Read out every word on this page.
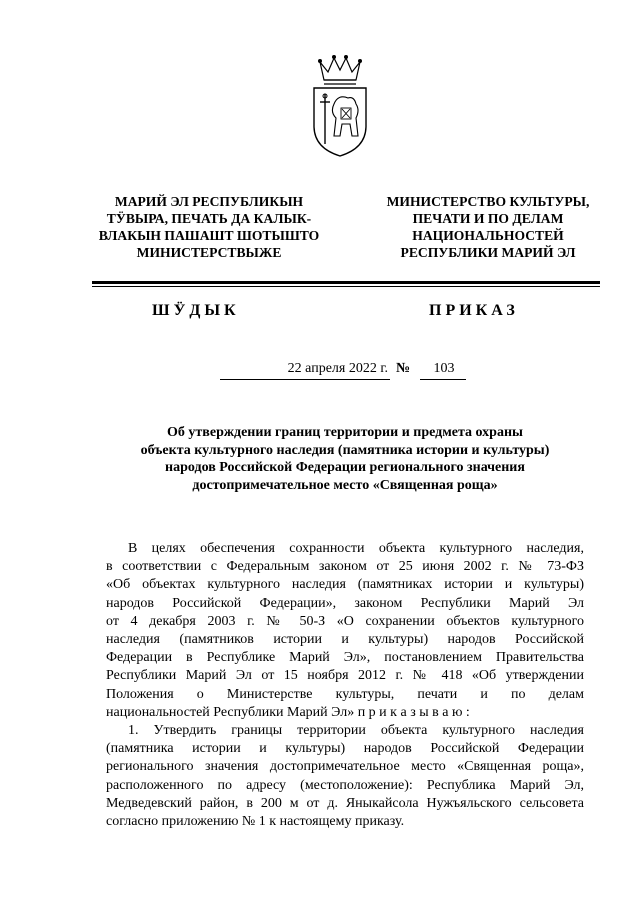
МАРИЙ ЭЛ РЕСПУБЛИКЫН
ТӰВЫРА, ПЕЧАТЬ ДА КАЛЫК-
ВЛАКЫН ПАШАШТ ШОТЫШТО
МИНИСТЕРСТВЫЖЕ
МИНИСТЕРСТВО КУЛЬТУРЫ,
ПЕЧАТИ И ПО ДЕЛАМ
НАЦИОНАЛЬНОСТЕЙ
РЕСПУБЛИКИ МАРИЙ ЭЛ
ШӰДЫК	ПРИКАЗ
22 апреля 2022 г. №	103
Об утверждении границ территории и предмета охраны
объекта культурного наследия (памятника истории и культуры)
народов Российской Федерации регионального значения
достопримечательное место «Священная роща»
В целях обеспечения сохранности объекта культурного наследия,
в соответствии с Федеральным законом от 25 июня 2002 г. № 73-ФЗ
«Об объектах культурного наследия (памятниках истории и культуры)
народов Российской Федерации», законом Республики Марий Эл
от 4 декабря 2003 г. № 50-З «О сохранении объектов культурного
наследия (памятников истории и культуры) народов Российской
Федерации в Республике Марий Эл», постановлением Правительства
Республики Марий Эл от 15 ноября 2012 г. № 418 «Об утверждении
Положения о Министерстве культуры, печати и по делам
национальностей Республики Марий Эл» п р и к а з ы в а ю :
1. Утвердить границы территории объекта культурного наследия
(памятника истории и культуры) народов Российской Федерации
регионального значения достопримечательное место «Священная роща»,
расположенного по адресу (местоположение): Республика Марий Эл,
Медведевский район, в 200 м от д. Яныкайсола Нужъяльского сельсовета
согласно приложению № 1 к настоящему приказу.
